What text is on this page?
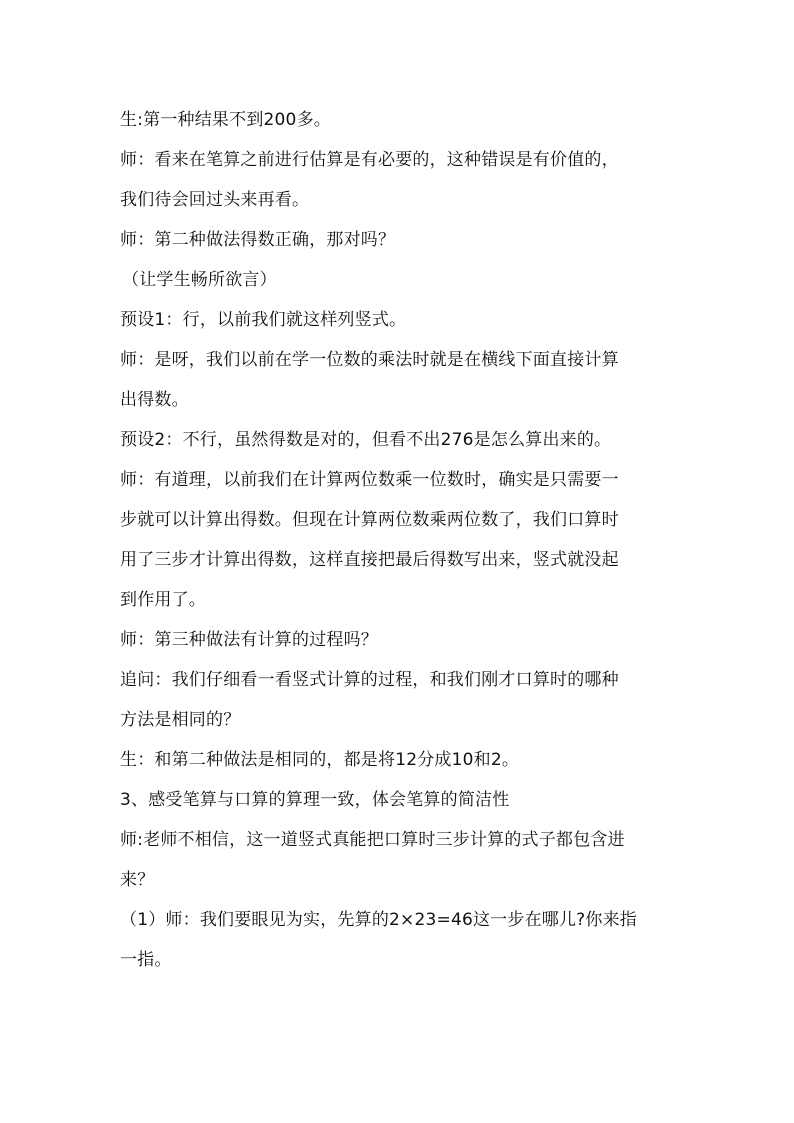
生:第一种结果不到200多。
师：看来在笔算之前进行估算是有必要的，这种错误是有价值的，
我们待会回过头来再看。
师：第二种做法得数正确，那对吗？
（让学生畅所欲言）
预设1：行，以前我们就这样列竖式。
师：是呀，我们以前在学一位数的乘法时就是在横线下面直接计算
出得数。
预设2：不行，虽然得数是对的，但看不出276是怎么算出来的。
师：有道理，以前我们在计算两位数乘一位数时，确实是只需要一
步就可以计算出得数。但现在计算两位数乘两位数了，我们口算时
用了三步才计算出得数，这样直接把最后得数写出来，竖式就没起
到作用了。
师：第三种做法有计算的过程吗？
追问：我们仔细看一看竖式计算的过程，和我们刚才口算时的哪种
方法是相同的？
生：和第二种做法是相同的，都是将12分成10和2。
3、感受笔算与口算的算理一致，体会笔算的简洁性
师:老师不相信，这一道竖式真能把口算时三步计算的式子都包含进
来？
（1）师：我们要眼见为实，先算的2×23=46这一步在哪儿?你来指
一指。
